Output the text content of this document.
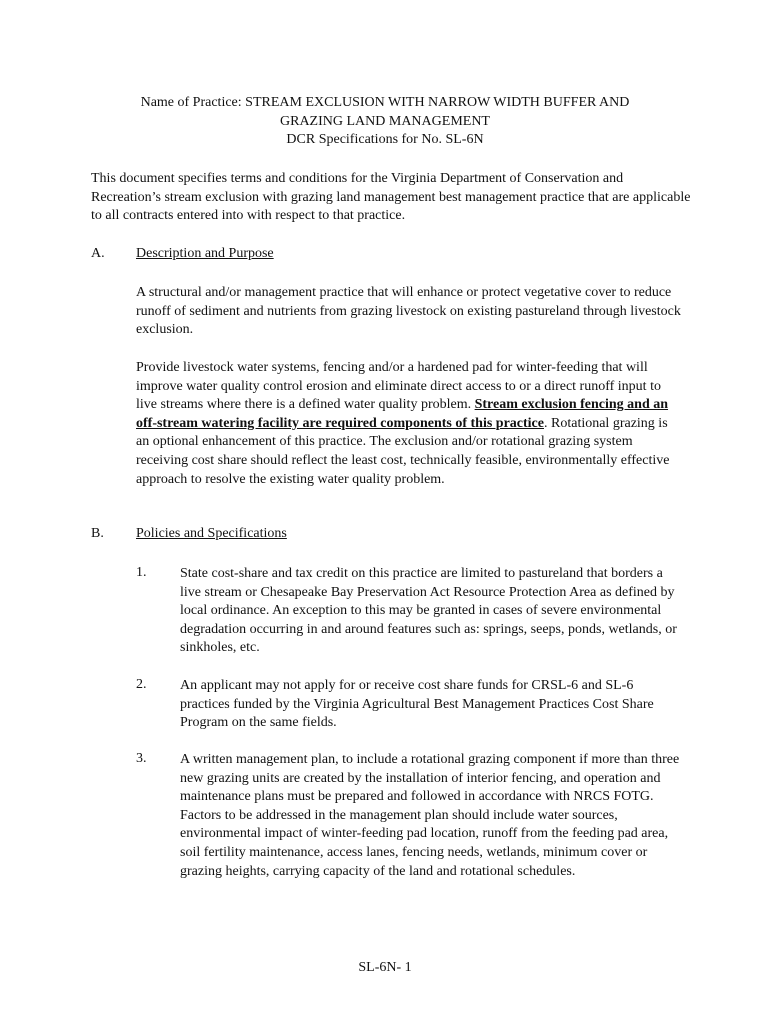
Name of Practice: STREAM EXCLUSION WITH NARROW WIDTH BUFFER AND
GRAZING LAND MANAGEMENT
DCR Specifications for No. SL-6N
This document specifies terms and conditions for the Virginia Department of Conservation and Recreation’s stream exclusion with grazing land management best management practice that are applicable to all contracts entered into with respect to that practice.
A. Description and Purpose
A structural and/or management practice that will enhance or protect vegetative cover to reduce runoff of sediment and nutrients from grazing livestock on existing pastureland through livestock exclusion.
Provide livestock water systems, fencing and/or a hardened pad for winter-feeding that will improve water quality control erosion and eliminate direct access to or a direct runoff input to live streams where there is a defined water quality problem. Stream exclusion fencing and an off-stream watering facility are required components of this practice. Rotational grazing is an optional enhancement of this practice. The exclusion and/or rotational grazing system receiving cost share should reflect the least cost, technically feasible, environmentally effective approach to resolve the existing water quality problem.
B. Policies and Specifications
1. State cost-share and tax credit on this practice are limited to pastureland that borders a live stream or Chesapeake Bay Preservation Act Resource Protection Area as defined by local ordinance. An exception to this may be granted in cases of severe environmental degradation occurring in and around features such as: springs, seeps, ponds, wetlands, or sinkholes, etc.
2. An applicant may not apply for or receive cost share funds for CRSL-6 and SL-6 practices funded by the Virginia Agricultural Best Management Practices Cost Share Program on the same fields.
3. A written management plan, to include a rotational grazing component if more than three new grazing units are created by the installation of interior fencing, and operation and maintenance plans must be prepared and followed in accordance with NRCS FOTG. Factors to be addressed in the management plan should include water sources, environmental impact of winter-feeding pad location, runoff from the feeding pad area, soil fertility maintenance, access lanes, fencing needs, wetlands, minimum cover or grazing heights, carrying capacity of the land and rotational schedules.
SL-6N- 1
